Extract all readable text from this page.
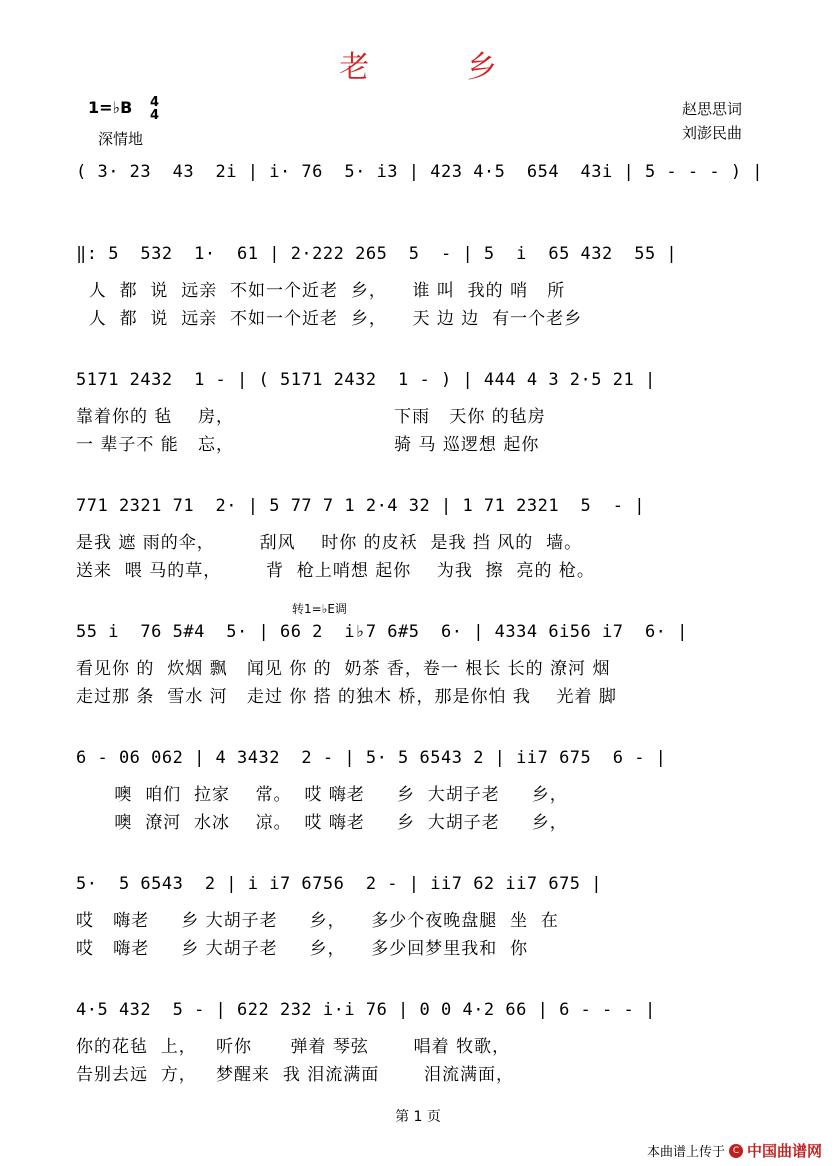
老 乡
1=♭B 4
4
深情地
赵思思词
刘澎民曲
( 3· 23  43  2i | i· 76  5· i3 | 423 4·5  654  43i | 5 - - - ) |
‖: 5  532  1·  61 | 2·222 265  5  - | 5  i  65 432  55 |
人  都  说  远亲  不如一个近老  乡，    谁 叫  我的 哨   所
人  都  说  远亲  不如一个近老  乡，    天 边 边  有一个老乡
5171 2432  1 - | ( 5171 2432  1 - ) | 444 4 3 2·5 21 |
靠着你的 毡    房，                         下雨   天你 的毡房
一 辈子不 能   忘，                         骑 马 巡逻想 起你
771 2321 71  2· | 5 77 7 1 2·4 32 | 1 71 2321  5  - |
是我 遮 雨的伞，       刮风    时你 的皮袄  是我 挡 风的  墙。
送来  喂 马的草，       背  枪上哨想 起你    为我  擦  亮的 枪。
转1=♭E调
55 i  76 5#4  5· | 66 2  i♭7 6#5  6· | 4334 6i56 i7  6· |
看见你 的  炊烟 飘   闻见 你 的  奶茶 香，卷一 根长 长的 潦河 烟
走过那 条  雪水 河   走过 你 搭 的独木 桥，那是你怕 我    光着 脚
6 - 06 062 | 4 3432  2 - | 5· 5 6543 2 | ii7 675  6 - |
噢  咱们  拉家    常。  哎 嗨老     乡  大胡子老     乡，
噢  潦河  水冰    凉。  哎 嗨老     乡  大胡子老     乡，
5·  5 6543  2 | i i7 6756  2 - | ii7 62 ii7 675 |
哎   嗨老     乡 大胡子老     乡，    多少个夜晚盘腿  坐  在
哎   嗨老     乡 大胡子老     乡，    多少回梦里我和  你
4·5 432  5 - | 622 232 i·i 76 | 0 0 4·2 66 | 6 - - - |
你的花毡  上，   听你      弹着 琴弦       唱着 牧歌，
告别去远  方，   梦醒来  我 泪流满面       泪流满面，
第 1 页
本曲谱上传于 C 中国曲谱网
